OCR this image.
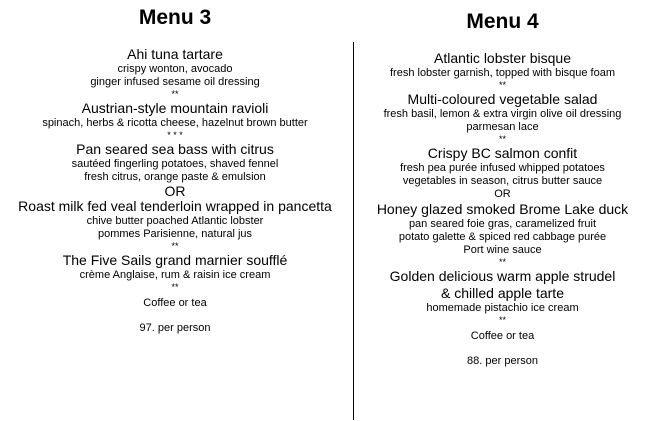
Menu 3
Ahi tuna tartare
crispy wonton, avocado
ginger infused sesame oil dressing
**
Austrian-style mountain ravioli
spinach, herbs & ricotta cheese, hazelnut brown butter
* * *
Pan seared sea bass with citrus
sautéed fingerling potatoes, shaved fennel
fresh citrus, orange paste & emulsion
OR
Roast milk fed veal tenderloin wrapped in pancetta
chive butter poached Atlantic lobster
pommes Parisienne, natural jus
**
The Five Sails grand marnier soufflé
crème Anglaise, rum & raisin ice cream
**
Coffee or tea
97. per person
Menu 4
Atlantic lobster bisque
fresh lobster garnish, topped with bisque foam
**
Multi-coloured vegetable salad
fresh basil, lemon & extra virgin olive oil dressing
parmesan lace
**
Crispy BC salmon confit
fresh pea purée infused whipped potatoes
vegetables in season, citrus butter sauce
OR
Honey glazed smoked Brome Lake duck
pan seared foie gras, caramelized fruit
potato galette & spiced red cabbage purée
Port wine sauce
**
Golden delicious warm apple strudel
& chilled apple tarte
homemade pistachio ice cream
**
Coffee or tea
88. per person
